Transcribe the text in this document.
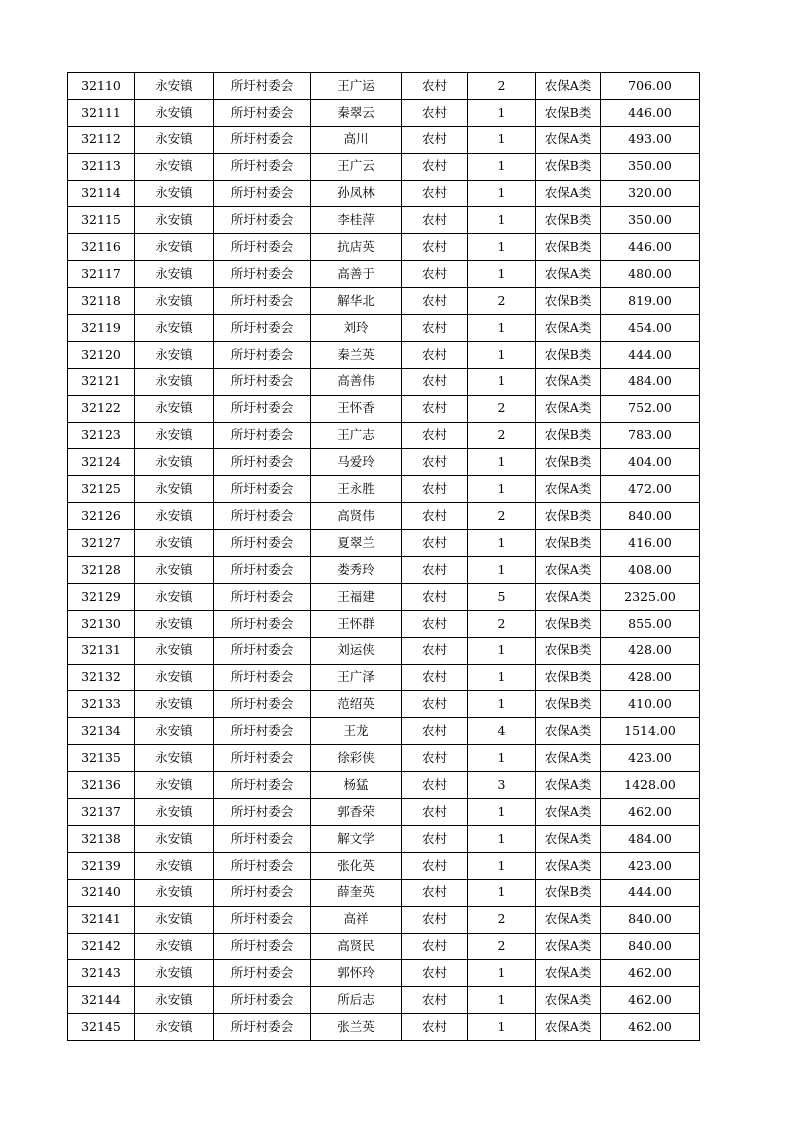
32110	永安镇	所圩村委会	王广运	农村	2	农保A类	706.00
32111	永安镇	所圩村委会	秦翠云	农村	1	农保B类	446.00
32112	永安镇	所圩村委会	高川	农村	1	农保A类	493.00
32113	永安镇	所圩村委会	王广云	农村	1	农保B类	350.00
32114	永安镇	所圩村委会	孙凤林	农村	1	农保A类	320.00
32115	永安镇	所圩村委会	李桂萍	农村	1	农保B类	350.00
32116	永安镇	所圩村委会	抗店英	农村	1	农保B类	446.00
32117	永安镇	所圩村委会	高善于	农村	1	农保A类	480.00
32118	永安镇	所圩村委会	解华北	农村	2	农保B类	819.00
32119	永安镇	所圩村委会	刘玲	农村	1	农保A类	454.00
32120	永安镇	所圩村委会	秦兰英	农村	1	农保B类	444.00
32121	永安镇	所圩村委会	高善伟	农村	1	农保A类	484.00
32122	永安镇	所圩村委会	王怀香	农村	2	农保A类	752.00
32123	永安镇	所圩村委会	王广志	农村	2	农保B类	783.00
32124	永安镇	所圩村委会	马爱玲	农村	1	农保B类	404.00
32125	永安镇	所圩村委会	王永胜	农村	1	农保A类	472.00
32126	永安镇	所圩村委会	高贤伟	农村	2	农保B类	840.00
32127	永安镇	所圩村委会	夏翠兰	农村	1	农保B类	416.00
32128	永安镇	所圩村委会	娄秀玲	农村	1	农保A类	408.00
32129	永安镇	所圩村委会	王福建	农村	5	农保A类	2325.00
32130	永安镇	所圩村委会	王怀群	农村	2	农保B类	855.00
32131	永安镇	所圩村委会	刘运侠	农村	1	农保B类	428.00
32132	永安镇	所圩村委会	王广泽	农村	1	农保B类	428.00
32133	永安镇	所圩村委会	范绍英	农村	1	农保B类	410.00
32134	永安镇	所圩村委会	王龙	农村	4	农保A类	1514.00
32135	永安镇	所圩村委会	徐彩侠	农村	1	农保A类	423.00
32136	永安镇	所圩村委会	杨猛	农村	3	农保A类	1428.00
32137	永安镇	所圩村委会	郭香荣	农村	1	农保A类	462.00
32138	永安镇	所圩村委会	解文学	农村	1	农保A类	484.00
32139	永安镇	所圩村委会	张化英	农村	1	农保A类	423.00
32140	永安镇	所圩村委会	薛奎英	农村	1	农保B类	444.00
32141	永安镇	所圩村委会	高祥	农村	2	农保A类	840.00
32142	永安镇	所圩村委会	高贤民	农村	2	农保A类	840.00
32143	永安镇	所圩村委会	郭怀玲	农村	1	农保A类	462.00
32144	永安镇	所圩村委会	所后志	农村	1	农保A类	462.00
32145	永安镇	所圩村委会	张兰英	农村	1	农保A类	462.00
